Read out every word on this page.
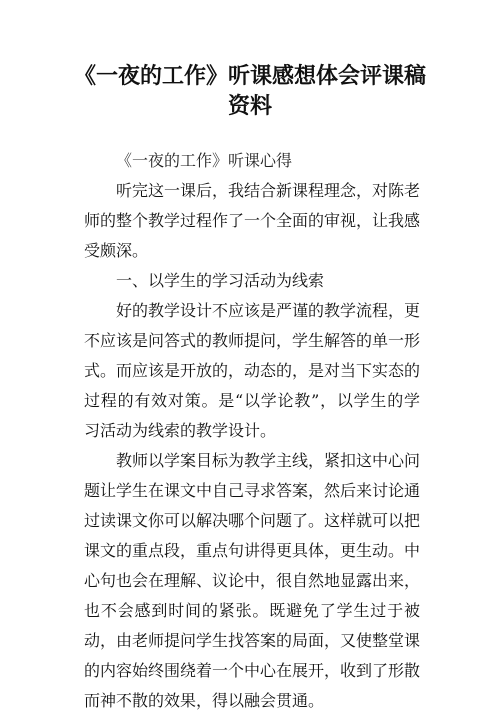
《一夜的工作》听课感想体会评课稿
资料

《一夜的工作》听课心得

听完这一课后，我结合新课程理念，对陈老师的整个教学过程作了一个全面的审视，让我感受颇深。

一、以学生的学习活动为线索

好的教学设计不应该是严谨的教学流程，更不应该是问答式的教师提问，学生解答的单一形式。而应该是开放的，动态的，是对当下实态的过程的有效对策。是“以学论教”，以学生的学习活动为线索的教学设计。

教师以学案目标为教学主线，紧扣这中心问题让学生在课文中自己寻求答案，然后来讨论通过读课文你可以解决哪个问题了。这样就可以把课文的重点段，重点句讲得更具体，更生动。中心句也会在理解、议论中，很自然地显露出来，也不会感到时间的紧张。既避免了学生过于被动，由老师提问学生找答案的局面，又使整堂课的内容始终围绕着一个中心在展开，收到了形散而神不散的效果，得以融会贯通。
